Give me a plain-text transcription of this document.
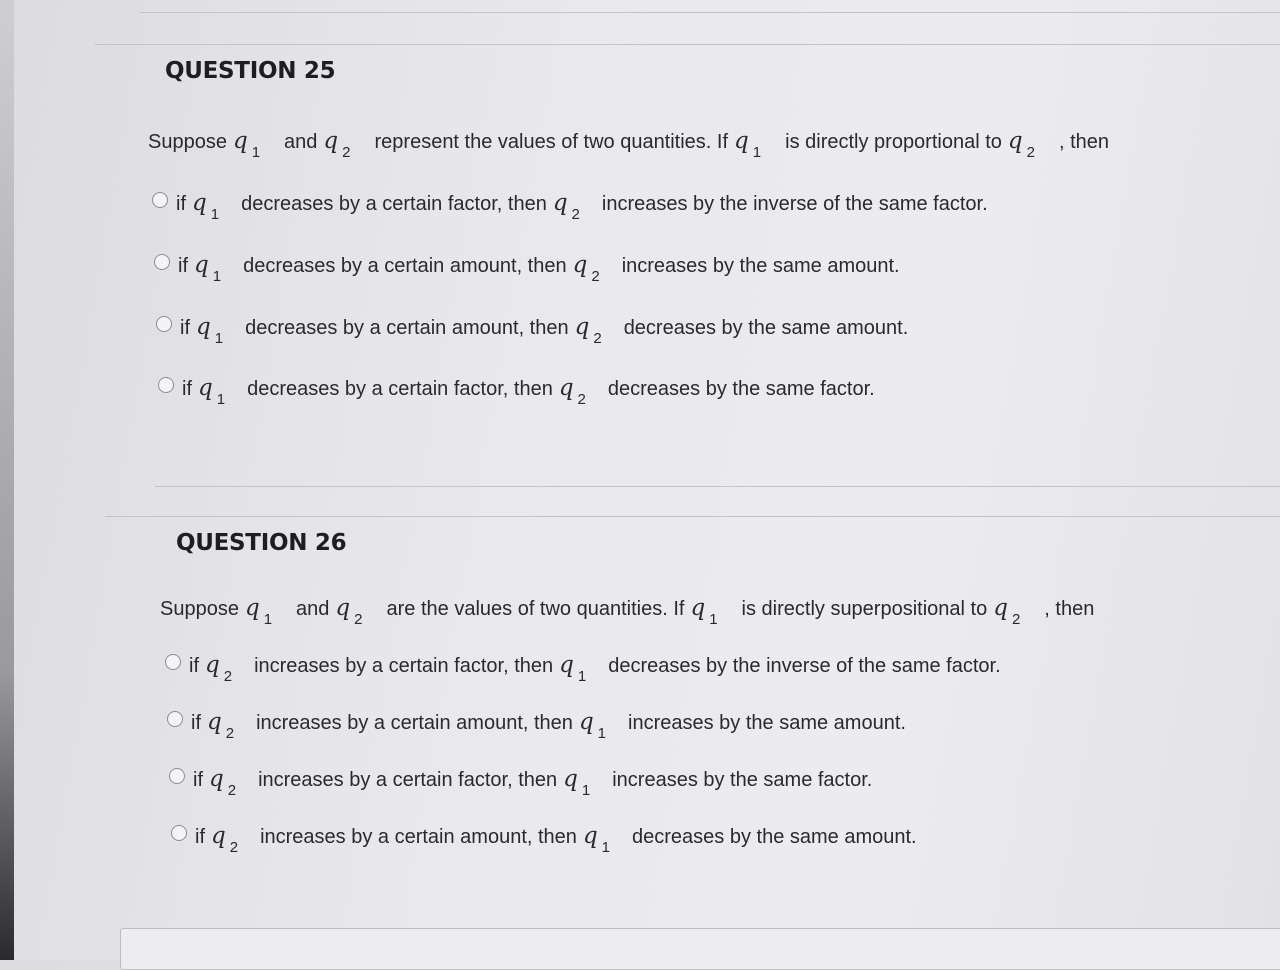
QUESTION 25
Suppose q $_1$ and q $_2$ represent the values of two quantities. If q $_1$ is directly proportional to q $_2$ , then
if q $_1$ decreases by a certain factor, then q $_2$ increases by the inverse of the same factor.
if q $_1$ decreases by a certain amount, then q $_2$ increases by the same amount.
if q $_1$ decreases by a certain amount, then q $_2$ decreases by the same amount.
if q $_1$ decreases by a certain factor, then q $_2$ decreases by the same factor.
QUESTION 26
Suppose q $_1$ and q $_2$ are the values of two quantities. If q $_1$ is directly superpositional to q $_2$ , then
if q $_2$ increases by a certain factor, then q $_1$ decreases by the inverse of the same factor.
if q $_2$ increases by a certain amount, then q $_1$ increases by the same amount.
if q $_2$ increases by a certain factor, then q $_1$ increases by the same factor.
if q $_2$ increases by a certain amount, then q $_1$ decreases by the same amount.
